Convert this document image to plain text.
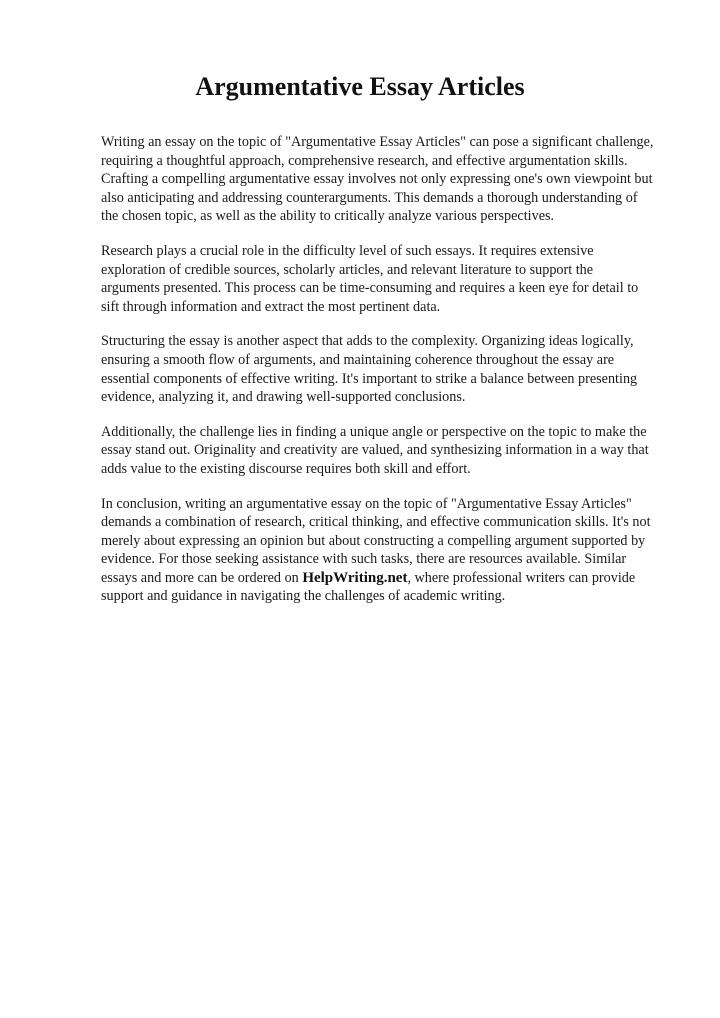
Argumentative Essay Articles

Writing an essay on the topic of "Argumentative Essay Articles" can pose a significant challenge,
requiring a thoughtful approach, comprehensive research, and effective argumentation skills.
Crafting a compelling argumentative essay involves not only expressing one's own viewpoint but
also anticipating and addressing counterarguments. This demands a thorough understanding of
the chosen topic, as well as the ability to critically analyze various perspectives.

Research plays a crucial role in the difficulty level of such essays. It requires extensive
exploration of credible sources, scholarly articles, and relevant literature to support the
arguments presented. This process can be time-consuming and requires a keen eye for detail to
sift through information and extract the most pertinent data.

Structuring the essay is another aspect that adds to the complexity. Organizing ideas logically,
ensuring a smooth flow of arguments, and maintaining coherence throughout the essay are
essential components of effective writing. It's important to strike a balance between presenting
evidence, analyzing it, and drawing well-supported conclusions.

Additionally, the challenge lies in finding a unique angle or perspective on the topic to make the
essay stand out. Originality and creativity are valued, and synthesizing information in a way that
adds value to the existing discourse requires both skill and effort.

In conclusion, writing an argumentative essay on the topic of "Argumentative Essay Articles"
demands a combination of research, critical thinking, and effective communication skills. It's not
merely about expressing an opinion but about constructing a compelling argument supported by
evidence. For those seeking assistance with such tasks, there are resources available. Similar
essays and more can be ordered on HelpWriting.net, where professional writers can provide
support and guidance in navigating the challenges of academic writing.
